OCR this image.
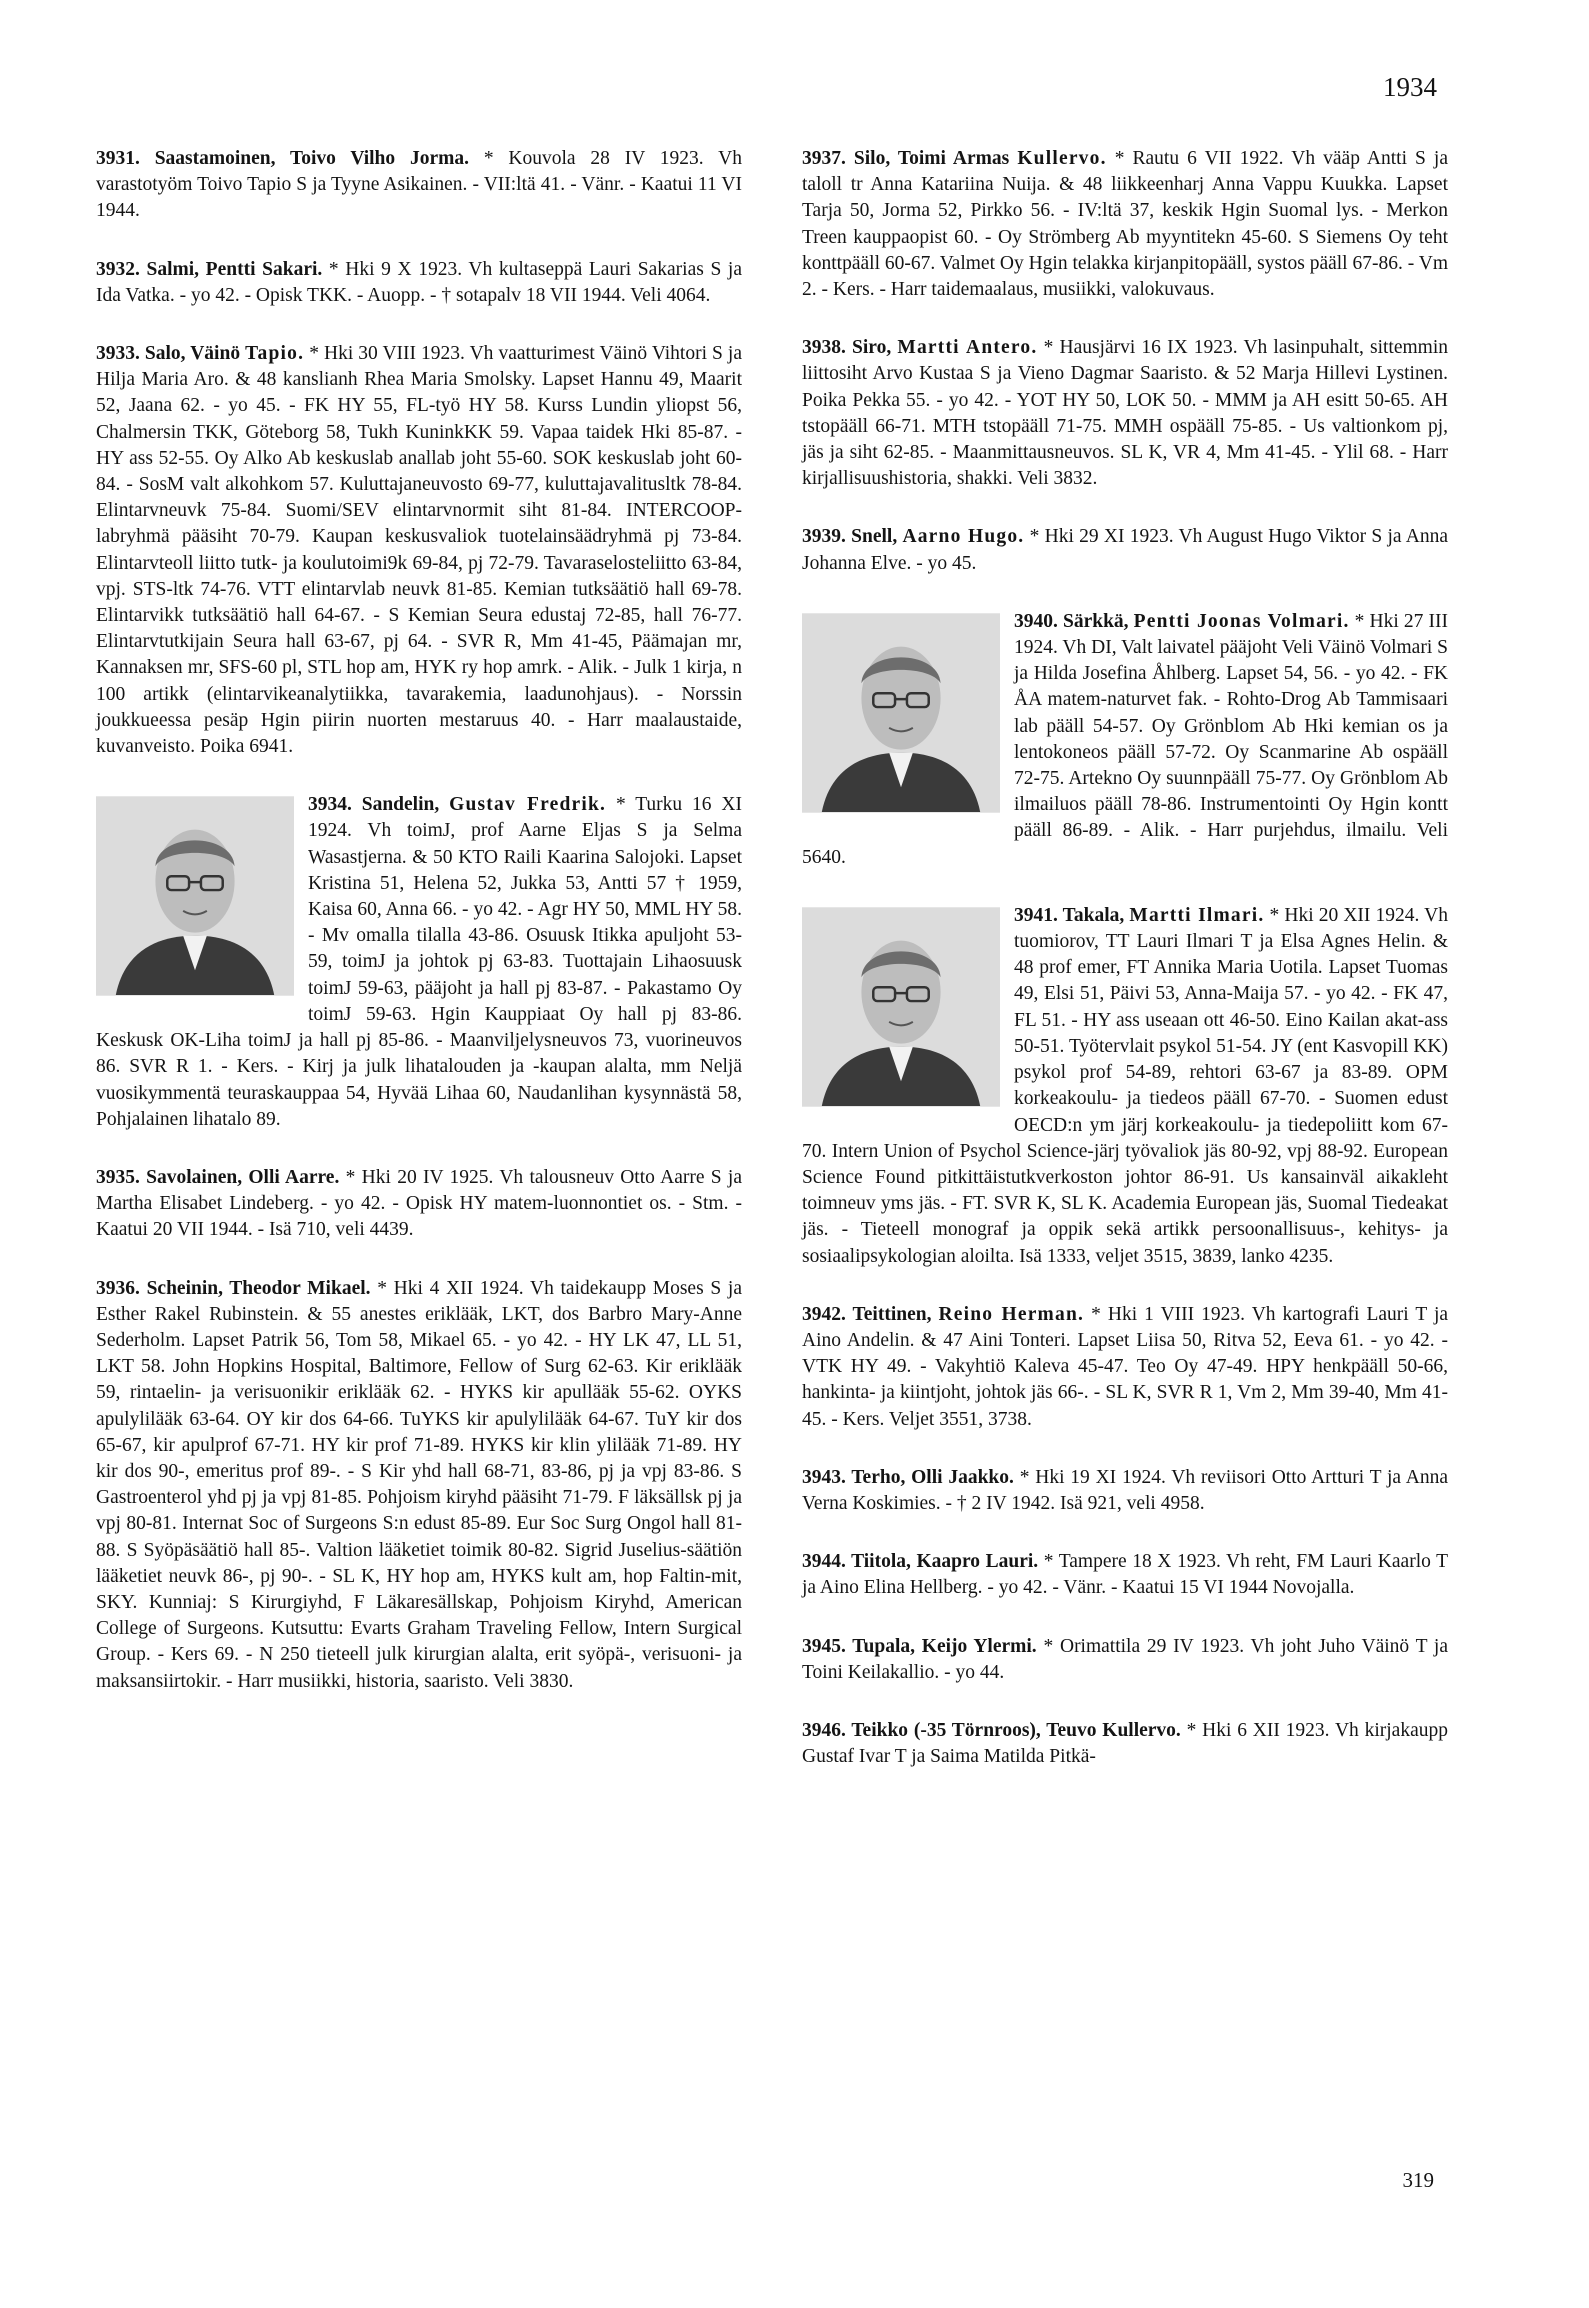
1934
3931. Saastamoinen, Toivo Vilho Jorma. * Kouvola 28 IV 1923. Vh varastotyöm Toivo Tapio S ja Tyyne Asikainen. - VII:ltä 41. - Vänr. - Kaatui 11 VI 1944.
3932. Salmi, Pentti Sakari. * Hki 9 X 1923. Vh kultaseppä Lauri Sakarias S ja Ida Vatka. - yo 42. - Opisk TKK. - Auopp. - † sotapalv 18 VII 1944. Veli 4064.
3933. Salo, Väinö Tapio. * Hki 30 VIII 1923. Vh vaatturimest Väinö Vihtori S ja Hilja Maria Aro. & 48 kanslianh Rhea Maria Smolsky. Lapset Hannu 49, Maarit 52, Jaana 62. - yo 45. - FK HY 55, FL-työ HY 58. Kurss Lundin yliopst 56, Chalmersin TKK, Göteborg 58, Tukh KuninkKK 59. Vapaa taidek Hki 85-87. - HY ass 52-55. Oy Alko Ab keskuslab anallab joht 55-60. SOK keskuslab joht 60-84. - SosM valt alkohkom 57. Kuluttajaneuvosto 69-77, kuluttajavalitusltk 78-84. Elintarvneuvk 75-84. Suomi/SEV elintarvnormit siht 81-84. INTERCOOP-labryhmä pääsiht 70-79. Kaupan keskusvaliok tuotelainsäädryhmä pj 73-84. Elintarvteoll liitto tutk- ja koulutoimi9k 69-84, pj 72-79. Tavaraselosteliitto 63-84, vpj. STS-ltk 74-76. VTT elintarvlab neuvk 81-85. Kemian tutksäätiö hall 69-78. Elintarvikk tutksäätiö hall 64-67. - S Kemian Seura edustaj 72-85, hall 76-77. Elintarvtutkijain Seura hall 63-67, pj 64. - SVR R, Mm 41-45, Päämajan mr, Kannaksen mr, SFS-60 pl, STL hop am, HYK ry hop amrk. - Alik. - Julk 1 kirja, n 100 artikk (elintarvikeanalytiikka, tavarakemia, laadunohjaus). - Norssin joukkueessa pesäp Hgin piirin nuorten mestaruus 40. - Harr maalaustaide, kuvanveisto. Poika 6941.
3934. Sandelin, Gustav Fredrik. * Turku 16 XI 1924. Vh toimJ, prof Aarne Eljas S ja Selma Wasastjerna. & 50 KTO Raili Kaarina Salojoki. Lapset Kristina 51, Helena 52, Jukka 53, Antti 57 † 1959, Kaisa 60, Anna 66. - yo 42. - Agr HY 50, MML HY 58. - Mv omalla tilalla 43-86. Osuusk Itikka apuljoht 53-59, toimJ ja johtok pj 63-83. Tuottajain Lihaosuusk toimJ 59-63, pääjoht ja hall pj 83-87. - Pakastamo Oy toimJ 59-63. Hgin Kauppiaat Oy hall pj 83-86. Keskusk OK-Liha toimJ ja hall pj 85-86. - Maanviljelysneuvos 73, vuorineuvos 86. SVR R 1. - Kers. - Kirj ja julk lihatalouden ja -kaupan alalta, mm Neljä vuosikymmentä teuraskauppaa 54, Hyvää Lihaa 60, Naudanlihan kysynnästä 58, Pohjalainen lihatalo 89.
3935. Savolainen, Olli Aarre. * Hki 20 IV 1925. Vh talousneuv Otto Aarre S ja Martha Elisabet Lindeberg. - yo 42. - Opisk HY matem-luonnontiet os. - Stm. - Kaatui 20 VII 1944. - Isä 710, veli 4439.
3936. Scheinin, Theodor Mikael. * Hki 4 XII 1924. Vh taidekaupp Moses S ja Esther Rakel Rubinstein. & 55 anestes eriklääk, LKT, dos Barbro Mary-Anne Sederholm. Lapset Patrik 56, Tom 58, Mikael 65. - yo 42. - HY LK 47, LL 51, LKT 58. John Hopkins Hospital, Baltimore, Fellow of Surg 62-63. Kir eriklääk 59, rintaelin- ja verisuonikir eriklääk 62. - HYKS kir apullääk 55-62. OYKS apulylilääk 63-64. OY kir dos 64-66. TuYKS kir apulylilääk 64-67. TuY kir dos 65-67, kir apulprof 67-71. HY kir prof 71-89. HYKS kir klin ylilääk 71-89. HY kir dos 90-, emeritus prof 89-. - S Kir yhd hall 68-71, 83-86, pj ja vpj 83-86. S Gastroenterol yhd pj ja vpj 81-85. Pohjoism kiryhd pääsiht 71-79. F läksällsk pj ja vpj 80-81. Internat Soc of Surgeons S:n edust 85-89. Eur Soc Surg Ongol hall 81-88. S Syöpäsäätiö hall 85-. Valtion lääketiet toimik 80-82. Sigrid Juselius-säätiön lääketiet neuvk 86-, pj 90-. - SL K, HY hop am, HYKS kult am, hop Faltin-mit, SKY. Kunniaj: S Kirurgiyhd, F Läkaresällskap, Pohjoism Kiryhd, American College of Surgeons. Kutsuttu: Evarts Graham Traveling Fellow, Intern Surgical Group. - Kers 69. - N 250 tieteell julk kirurgian alalta, erit syöpä-, verisuoni- ja maksansiirtokir. - Harr musiikki, historia, saaristo. Veli 3830.
3937. Silo, Toimi Armas Kullervo. * Rautu 6 VII 1922. Vh vääp Antti S ja taloll tr Anna Katariina Nuija. & 48 liikkeenharj Anna Vappu Kuukka. Lapset Tarja 50, Jorma 52, Pirkko 56. - IV:ltä 37, keskik Hgin Suomal lys. - Merkon Treen kauppaopist 60. - Oy Strömberg Ab myyntitekn 45-60. S Siemens Oy teht konttpääll 60-67. Valmet Oy Hgin telakka kirjanpitopääll, systos pääll 67-86. - Vm 2. - Kers. - Harr taidemaalaus, musiikki, valokuvaus.
3938. Siro, Martti Antero. * Hausjärvi 16 IX 1923. Vh lasinpuhalt, sittemmin liittosiht Arvo Kustaa S ja Vieno Dagmar Saaristo. & 52 Marja Hillevi Lystinen. Poika Pekka 55. - yo 42. - YOT HY 50, LOK 50. - MMM ja AH esitt 50-65. AH tstopääll 66-71. MTH tstopääll 71-75. MMH ospääll 75-85. - Us valtionkom pj, jäs ja siht 62-85. - Maanmittausneuvos. SL K, VR 4, Mm 41-45. - Ylil 68. - Harr kirjallisuushistoria, shakki. Veli 3832.
3939. Snell, Aarno Hugo. * Hki 29 XI 1923. Vh August Hugo Viktor S ja Anna Johanna Elve. - yo 45.
3940. Särkkä, Pentti Joonas Volmari. * Hki 27 III 1924. Vh DI, Valt laivatel pääjoht Veli Väinö Volmari S ja Hilda Josefina Åhlberg. Lapset 54, 56. - yo 42. - FK ÅA matem-naturvet fak. - Rohto-Drog Ab Tammisaari lab pääll 54-57. Oy Grönblom Ab Hki kemian os ja lentokoneos pääll 57-72. Oy Scanmarine Ab ospääll 72-75. Artekno Oy suunnpääll 75-77. Oy Grönblom Ab ilmailuos pääll 78-86. Instrumentointi Oy Hgin kontt pääll 86-89. - Alik. - Harr purjehdus, ilmailu. Veli 5640.
3941. Takala, Martti Ilmari. * Hki 20 XII 1924. Vh tuomiorov, TT Lauri Ilmari T ja Elsa Agnes Helin. & 48 prof emer, FT Annika Maria Uotila. Lapset Tuomas 49, Elsi 51, Päivi 53, Anna-Maija 57. - yo 42. - FK 47, FL 51. - HY ass useaan ott 46-50. Eino Kailan akat-ass 50-51. Työtervlait psykol 51-54. JY (ent Kasvopill KK) psykol prof 54-89, rehtori 63-67 ja 83-89. OPM korkeakoulu- ja tiedeos pääll 67-70. - Suomen edust OECD:n ym järj korkeakoulu- ja tiedepoliitt kom 67-70. Intern Union of Psychol Science-järj työvaliok jäs 80-92, vpj 88-92. European Science Found pitkittäistutkverkoston johtor 86-91. Us kansainväl aikakleht toimneuv yms jäs. - FT. SVR K, SL K. Academia European jäs, Suomal Tiedeakat jäs. - Tieteell monograf ja oppik sekä artikk persoonallisuus-, kehitys- ja sosiaalipsykologian aloilta. Isä 1333, veljet 3515, 3839, lanko 4235.
3942. Teittinen, Reino Herman. * Hki 1 VIII 1923. Vh kartografi Lauri T ja Aino Andelin. & 47 Aini Tonteri. Lapset Liisa 50, Ritva 52, Eeva 61. - yo 42. - VTK HY 49. - Vakyhtiö Kaleva 45-47. Teo Oy 47-49. HPY henkpääll 50-66, hankinta- ja kiintjoht, johtok jäs 66-. - SL K, SVR R 1, Vm 2, Mm 39-40, Mm 41-45. - Kers. Veljet 3551, 3738.
3943. Terho, Olli Jaakko. * Hki 19 XI 1924. Vh reviisori Otto Artturi T ja Anna Verna Koskimies. - † 2 IV 1942. Isä 921, veli 4958.
3944. Tiitola, Kaapro Lauri. * Tampere 18 X 1923. Vh reht, FM Lauri Kaarlo T ja Aino Elina Hellberg. - yo 42. - Vänr. - Kaatui 15 VI 1944 Novojalla.
3945. Tupala, Keijo Ylermi. * Orimattila 29 IV 1923. Vh joht Juho Väinö T ja Toini Keilakallio. - yo 44.
3946. Teikko (-35 Törnroos), Teuvo Kullervo. * Hki 6 XII 1923. Vh kirjakaupp Gustaf Ivar T ja Saima Matilda Pitkä-
319
